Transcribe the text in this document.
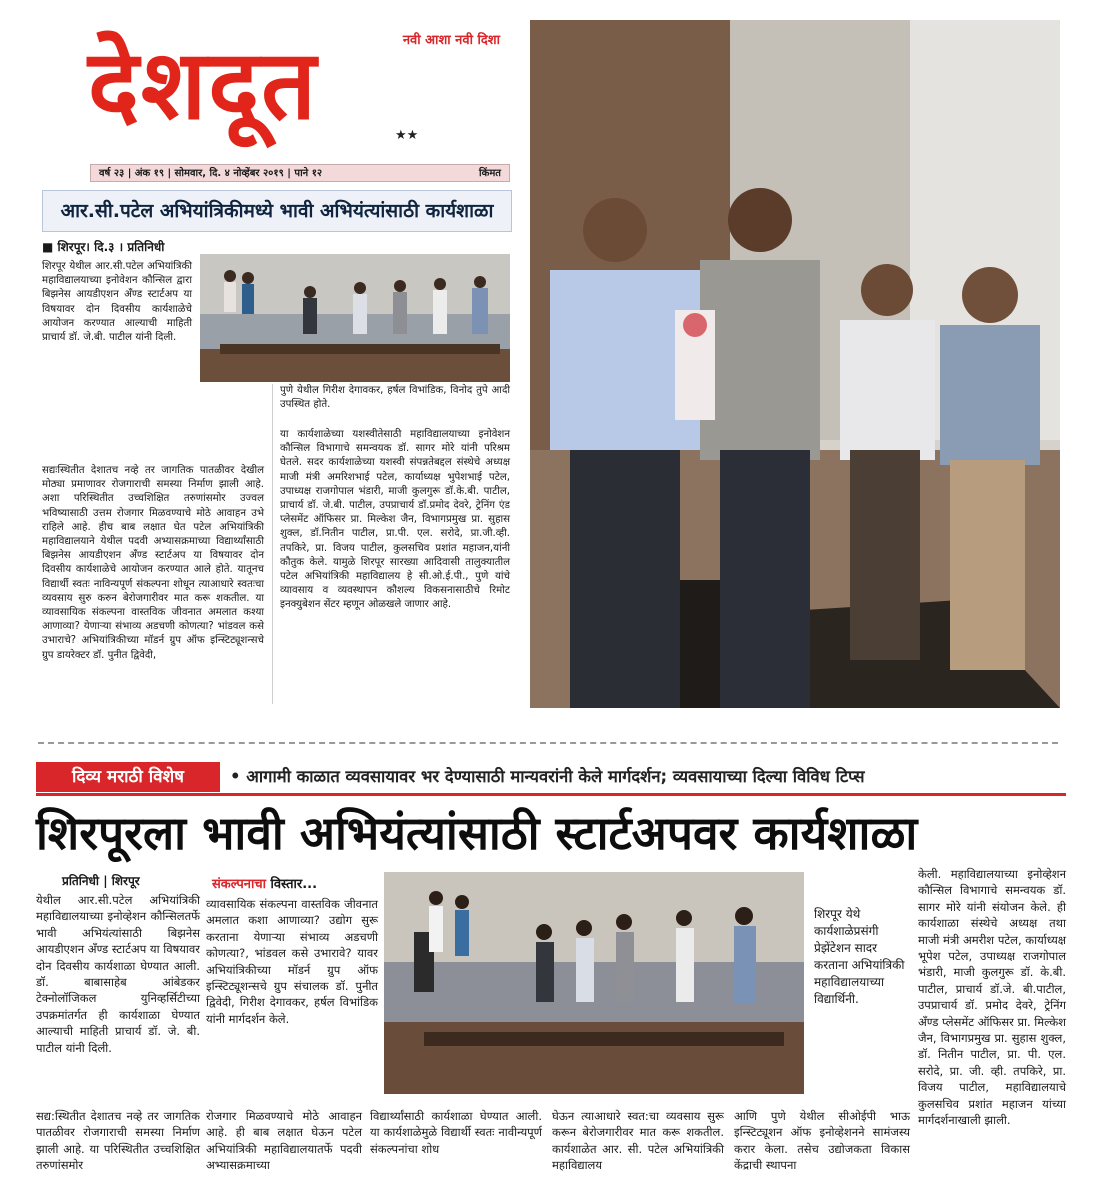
देशदूत	नवी आशा नवी दिशा
★★
वर्ष २३ | अंक १९ | सोमवार, दि. ४ नोव्हेंबर २०१९ | पाने १२	किंमत
आर.सी.पटेल अभियांत्रिकीमध्ये भावी अभियंत्यांसाठी कार्यशाळा
■ शिरपूर। दि.३ । प्रतिनिधी
शिरपूर येथील आर.सी.पटेल अभियांत्रिकी महाविद्यालयाच्या इनोवेशन कौन्सिल द्वारा बिझनेस आयडीएशन अँण्ड स्टार्टअप या विषयावर दोन दिवसीय कार्यशाळेचे आयोजन करण्यात आल्याची माहिती प्राचार्य डॉ. जे.बी. पाटील यांनी दिली.
सद्यःस्थितीत देशातच नव्हे तर जागतिक पातळीवर देखील मोठ्या प्रमाणावर रोजगाराची समस्या निर्माण झाली आहे. अशा परिस्थितीत उच्चशिक्षित तरुणांसमोर उज्वल भविष्यासाठी उत्तम रोजगार मिळवण्याचे मोठे आवाहन उभे राहिले आहे. हीच बाब लक्षात घेत पटेल अभियांत्रिकी महाविद्यालयाने येथील पदवी अभ्यासक्रमाच्या विद्यार्थ्यांसाठी बिझनेस आयडीएशन अँण्ड स्टार्टअप या विषयावर दोन दिवसीय कार्यशाळेचे आयोजन करण्यात आले होते. यातूनच विद्यार्थी स्वतः नाविन्यपूर्ण संकल्पना शोधून त्याआधारे स्वतःचा व्यवसाय सुरु करुन बेरोजगारीवर मात करू शकतील. या व्यावसायिक संकल्पना वास्तविक जीवनात अमलात कश्या आणाव्या? येणाऱ्या संभाव्य अडचणी कोणत्या? भांडवल कसे उभाराचे? अभियांत्रिकीच्या मॉडर्न ग्रुप ऑफ इन्स्टिट्यूशन्सचे ग्रुप डायरेक्टर डॉ. पुनीत द्विवेदी,
पुणे येथील गिरीश देगावकर, हर्षल विभांडिक, विनोद तुपे आदी उपस्थित होते.
या कार्यशाळेच्या यशस्वीतेसाठी महाविद्यालयाच्या इनोवेशन कौन्सिल विभागाचे समन्वयक डॉ. सागर मोरे यांनी परिश्रम घेतले. सदर कार्यशाळेच्या यशस्वी संपन्नतेबद्दल संस्थेचे अध्यक्ष माजी मंत्री अमरिशभाई पटेल, कार्याध्यक्ष भुपेशभाई पटेल, उपाध्यक्ष राजगोपाल भंडारी, माजी कुलगुरू डॉ.के.बी. पाटील, प्राचार्य डॉ. जे.बी. पाटील, उपप्राचार्य डॉ.प्रमोद देवरे, ट्रेनिंग एंड प्लेसमेंट ऑफिसर प्रा. मिल्केश जैन, विभागप्रमुख प्रा. सुहास शुक्ल, डॉ.नितीन पाटील, प्रा.पी. एल. सरोदे, प्रा.जी.व्ही. तपकिरे, प्रा. विजय पाटील, कुलसचिव प्रशांत महाजन,यांनी कौतुक केले. यामुळे शिरपूर सारख्या आदिवासी तालुक्यातील पटेल अभियांत्रिकी महाविद्यालय हे सी.ओ.ई.पी., पुणे यांचे व्यावसाय व व्यवस्थापन कौशल्य विकसनासाठीचे रिमोट इनक्युबेशन सेंटर म्हणून ओळखले जाणार आहे.
दिव्य मराठी विशेष	• आगामी काळात व्यवसायावर भर देण्यासाठी मान्यवरांनी केले मार्गदर्शन; व्यवसायाच्या दिल्या विविध टिप्स
शिरपूरला भावी अभियंत्यांसाठी स्टार्टअपवर कार्यशाळा
प्रतिनिधी | शिरपूर	संकल्पनाचा विस्तार...
येथील आर.सी.पटेल अभियांत्रिकी महाविद्यालयाच्या इनोव्हेशन कौन्सिलतर्फे भावी अभियंत्यांसाठी बिझनेस आयडीएशन अँण्ड स्टार्टअप या विषयावर दोन दिवसीय कार्यशाळा घेण्यात आली. डॉ. बाबासाहेब आंबेडकर टेक्नोलॉजिकल युनिव्हर्सिटीच्या उपक्रमांतर्गत ही कार्यशाळा घेण्यात आल्याची माहिती प्राचार्य डॉ. जे. बी. पाटील यांनी दिली.
सद्य:स्थितीत देशातच नव्हे तर जागतिक पातळीवर रोजगाराची समस्या निर्माण झाली आहे. या परिस्थितीत उच्चशिक्षित तरुणांसमोर
व्यावसायिक संकल्पना वास्तविक जीवनात अमलात कशा आणाव्या? उद्योग सुरू करताना येणाऱ्या संभाव्य अडचणी कोणत्या?, भांडवल कसे उभारावे? यावर अभियांत्रिकीच्या मॉडर्न ग्रुप ऑफ इन्स्टिट्यूशन्सचे ग्रुप संचालक डॉ. पुनीत द्विवेदी, गिरीश देगावकर, हर्षल विभांडिक यांनी मार्गदर्शन केले.
शिरपूर येथे कार्यशाळेप्रसंगी प्रेझेंटेशन सादर करताना अभियांत्रिकी महाविद्यालयाच्या विद्यार्थिनी.
केली. महाविद्यालयाच्या इनोव्हेशन कौन्सिल विभागाचे समन्वयक डॉ. सागर मोरे यांनी संयोजन केले. ही कार्यशाळा संस्थेचे अध्यक्ष तथा माजी मंत्री अमरीश पटेल, कार्याध्यक्ष भूपेश पटेल, उपाध्यक्ष राजगोपाल भंडारी, माजी कुलगुरू डॉ. के.बी. पाटील, प्राचार्य डॉ.जे. बी.पाटील, उपप्राचार्य डॉ. प्रमोद देवरे, ट्रेनिंग अँण्ड प्लेसमेंट ऑफिसर प्रा. मिल्केश जैन, विभागप्रमुख प्रा. सुहास शुक्ल, डॉ. नितीन पाटील, प्रा. पी. एल. सरोदे, प्रा. जी. व्ही. तपकिरे, प्रा. विजय पाटील, महाविद्यालयाचे कुलसचिव प्रशांत महाजन यांच्या मार्गदर्शनाखाली झाली.
रोजगार मिळवण्याचे मोठे आवाहन आहे. ही बाब लक्षात घेऊन पटेल अभियांत्रिकी महाविद्यालयातर्फे पदवी अभ्यासक्रमाच्या
विद्यार्थ्यांसाठी कार्यशाळा घेण्यात आली. या कार्यशाळेमुळे विद्यार्थी स्वतः नावीन्यपूर्ण संकल्पनांचा शोध
घेऊन त्याआधारे स्वत:चा व्यवसाय सुरू करून बेरोजगारीवर मात करू शकतील. कार्यशाळेत आर. सी. पटेल अभियांत्रिकी महाविद्यालय
आणि पुणे येथील सीओईपी भाऊ इन्स्टिट्यूशन ऑफ इनोव्हेशनने सामंजस्य करार केला. तसेच उद्योजकता विकास केंद्राची स्थापना
